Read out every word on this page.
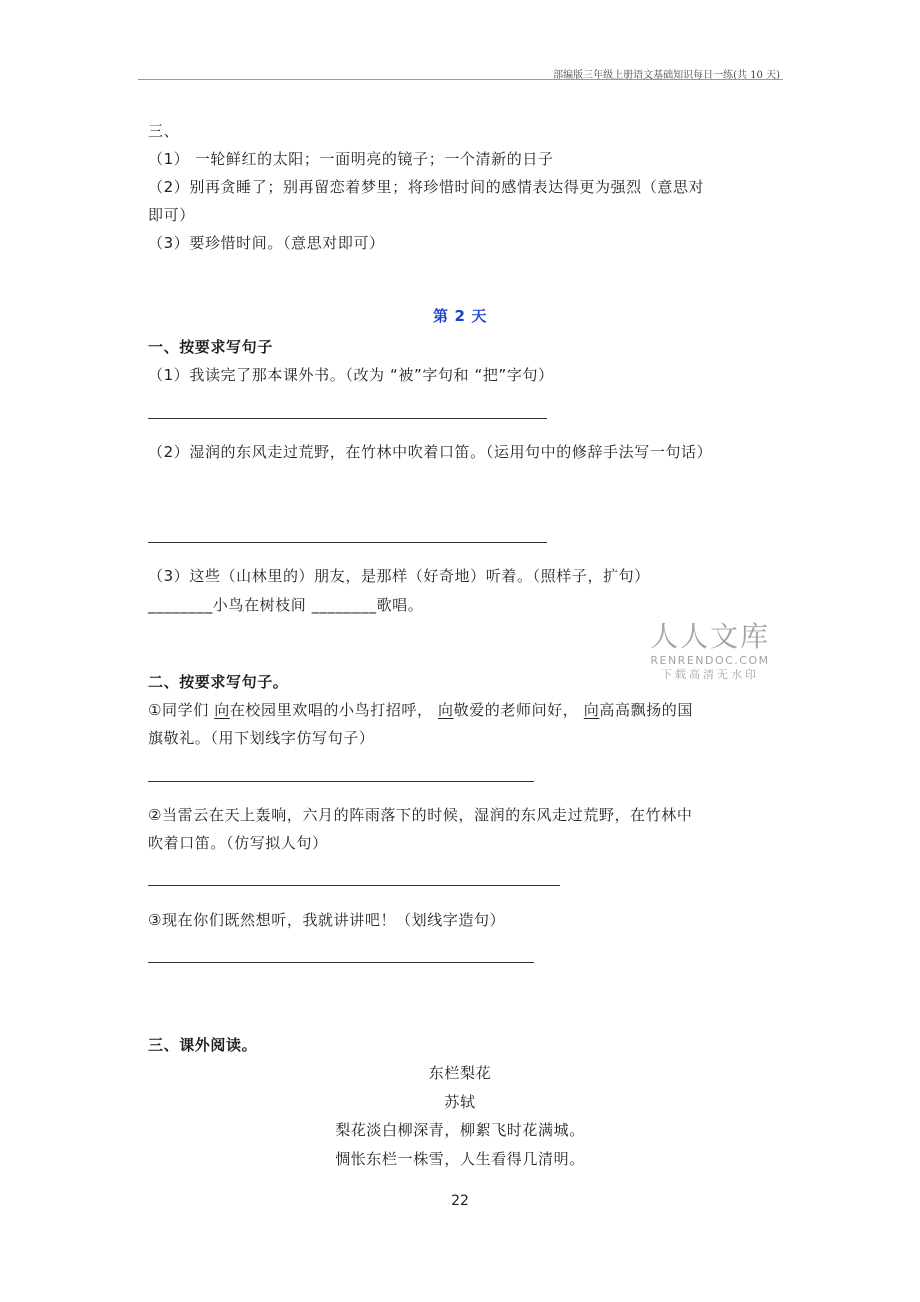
部编版三年级上册语文基础知识每日一练(共 10 天)
三、
（1） 一轮鲜红的太阳；一面明亮的镜子；一个清新的日子
（2）别再贪睡了；别再留恋着梦里；将珍惜时间的感情表达得更为强烈（意思对
即可）
（3）要珍惜时间。（意思对即可）
第 2 天
一、按要求写句子
（1）我读完了那本课外书。（改为 “被”字句和 “把”字句）
（2）湿润的东风走过荒野，在竹林中吹着口笛。（运用句中的修辞手法写一句话）
（3）这些（山林里的）朋友，是那样（好奇地）听着。（照样子，扩句）
________小鸟在树枝间 ________歌唱。
人人文库
RENRENDOC.COM
下载高清无水印
二、按要求写句子。
①同学们 向在校园里欢唱的小鸟打招呼， 向敬爱的老师问好， 向高高飘扬的国
旗敬礼。（用下划线字仿写句子）
②当雷云在天上轰响，六月的阵雨落下的时候，湿润的东风走过荒野，在竹林中
吹着口笛。（仿写拟人句）
③现在你们既然想听，我就讲讲吧！（划线字造句）
三、课外阅读。
东栏梨花
苏轼
梨花淡白柳深青，柳絮飞时花满城。
惆怅东栏一株雪，人生看得几清明。
22
